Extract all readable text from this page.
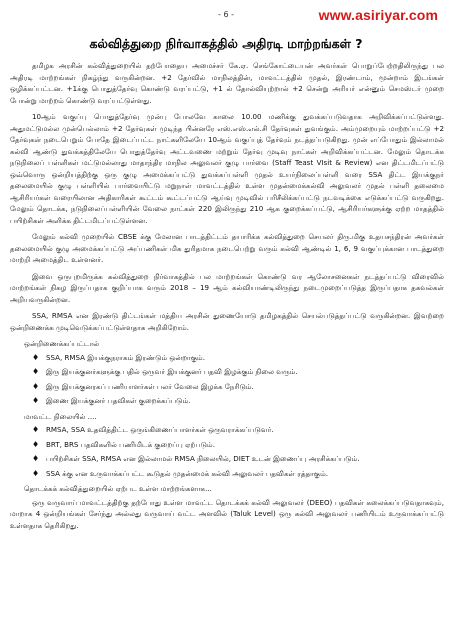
- 6 -	www.asiriyar.com
கல்வித்துறை நிர்வாகத்தில் அதிரடி மாற்றங்கள் ?

தமிழக அரசின் கல்வித்துறையில் தற்போதைய அமைச்சர் கே.ஏ. செங்கோட்டையன் அவர்கள் பொறுப்பேற்றதிலிருந்து பல அதிரடி மாற்றங்கள் நிகழ்ந்து வருகின்றன. +2 தேர்வில் மாநிலத்தின், மாவட்டத்தில் முதல், இரண்டாம், மூன்றாம் இடங்கள் ஒழிக்கப்பட்டன. +1க்கு பொதுத்தேர்வு கொண்டு வரப்பட்டு, +1 ல் தோல்வியுற்றால் +2 சென்று அரியர் என்னும் செமஸ்டர் முறை போன்று மாற்றம் கொண்டு வரப்பட்டுள்ளது.

10ஆம் வகுப்பு பொதுத்தேர்வு முன்பு போலவே காலை 10.00 மணிக்கு துவக்கப்படுவதாக அறிவிக்கப்பட்டுள்ளது. அதுமட்டுமல்ல முன்பெல்லாம் +2 தேர்வுகள் முடிந்த பின்னரே எஸ்.எஸ்.எல்.சி தேர்வுகள் துவங்கும். அம்முறையும் மாற்றப்பட்டு +2 தேர்வுகள் நடைபெறும் போதே இடைப்பட்ட நாட்களிலேயே 10ஆம் வகுப்புத் தேர்வும் நடத்தப்படுகிறது. முன் எப்போதும் இல்லாமல் கல்வி ஆண்டு துவக்கத்திலேயே பொதுத்தேர்வு அட்டவணை மற்றும் தேர்வு முடிவு நாட்கள் அறிவிக்கப்பட்டன. மேலும் தொடக்க நடுநிலைப் பள்ளிகள் மட்டுமல்லாது மாதாந்திர மாநில அலுவலர் குழு பார்வை (Staff Teast VIsit & Review) என திட்டமிடப்பட்டு ஒவ்வொரு ஒன்றியத்திற்கு ஒரு குழு அமைக்கப்பட்டு துவக்கப்பள்ளி முதல் உயர்நிலைப்பள்ளி வரை SSA திட்ட இயக்குநர் தலைமையில் குழு பள்ளியில் பார்வையிட்டு மறுநாள் மாவட்டத்தில் உள்ள முதன்மைக்கல்வி அலுவலர் முதல் பள்ளி தலைமை ஆசிரியர்கள் வரையிலான அதிகாரிகள் கூட்டம் கூட்டப்பட்டு ஆய்வு முடிவில் பரிசீலிக்கப்பட்டு நடவடிக்கை எடுக்கப்பட்டு வருகிறது. மேலும் தொடக்க, நடுநிலைப்பள்ளியின் வேலை நாட்கள் 220 இலிருந்து 210 ஆக குறைக்கப்பட்டு, ஆசிரியர்களுக்கு ஏற்ற மாதத்தில் பயிற்சிகள் அளிக்க திட்டமிடப்பட்டுள்ளன.

மேலும் கல்வி முறையில் CBSE க்கு மேலான பாடத்திட்டம் தயாரிக்க கல்வித்துறை செயலர் திரு.மிகு உதயசந்திரன் அவர்கள் தலைமையில் குழு அமைக்கப்பட்டு அப்பணிகள் மிக துரிதமாக நடைபெற்று வரும் கல்வி ஆண்டில் 1, 6, 9 வகுப்புக்கான பாடத்துறை மாற்றி அமைத்திட உள்ளனர்.

இவை ஒருபுறமிருக்க கல்வித்துறை நிர்வாகத்தில் பல மாற்றங்கள் கொண்டு வர ஆலோசனைகள் நடத்தப்பட்டு விரைவில் மாற்றங்கள் நிகழ இருப்பதாக குறிப்பாக வரும் 2018 – 19 ஆம் கல்வியாண்டிலிருந்து நடைமுறைப்படுத்த இருப்பதாக தகவல்கள் அறியவருகின்றன.

SSA, RMSA என இரண்டு திட்டங்கள் மத்திய அரசின் துணையோடு தமிழகத்தில் செயல்படுத்தப்பட்டு வருகின்றன. இவற்றை ஒன்றிணைக்க முடிவெடுக்கப்பட்டுள்ளதாக அறிகிறோம்.

ஒன்றிணைக்கப்பட்டால்

♦ SSA, RMSA இயக்குநராகம் இரண்டும் ஒன்றாகும்.
♦ இரு இயக்குனர்களுக்கு பதில் ஒருவர் இயக்குனர் பதவி இழக்கும் நிலை வரும்.
♦ இரு இயக்குனரகப் பணியாளர்கள் பலர் வேலை இழக்க நேரிடும்.
♦ இணை இயக்குனர் பதவிகள் குறைக்கப்படும்.

மாவட்ட நிலையில் ....

♦ RMSA, SSA உதவித்திட்ட ஒருங்கிணைப்பாளர்கள் ஒருவராக்கப்படுவர்.
♦ BRT, BRS பதவிகளில் பணிமிடக் குறைப்பு ஏற்படும்.
♦ பயிற்சிகள் SSA, RMSA என இல்லாமல் RMSA நிலையில், DIET உடன் இணைப்பு அரசிக்கப்படும்.
♦ SSA க்கு என உருவாக்கப்பட்ட கூடுதல் முதன்மைக் கல்வி அலுவலர் பதவிகள் ரத்தாகும்.

தொடக்கக் கல்வித்துறையில் ஏற்பட உள்ள மாற்றங்களாக...

ஒரு வருவாய் மாவட்டத்திற்கு தற்போது உள்ள மாவட்ட தொடக்கக் கல்வி அலுவலர் (DEEO) பதவிகள் கலைக்கப்படுவதாகவும், மாறாக 4 ஒன்றியங்கள் சேர்ந்து அல்லது வருவாய் வட்ட அளவில் (Taluk Level) ஒரு கல்வி அலுவலர் பணியிடம் உருவாக்கப்பட்டு உள்ளதாக தெரிகிறது.
